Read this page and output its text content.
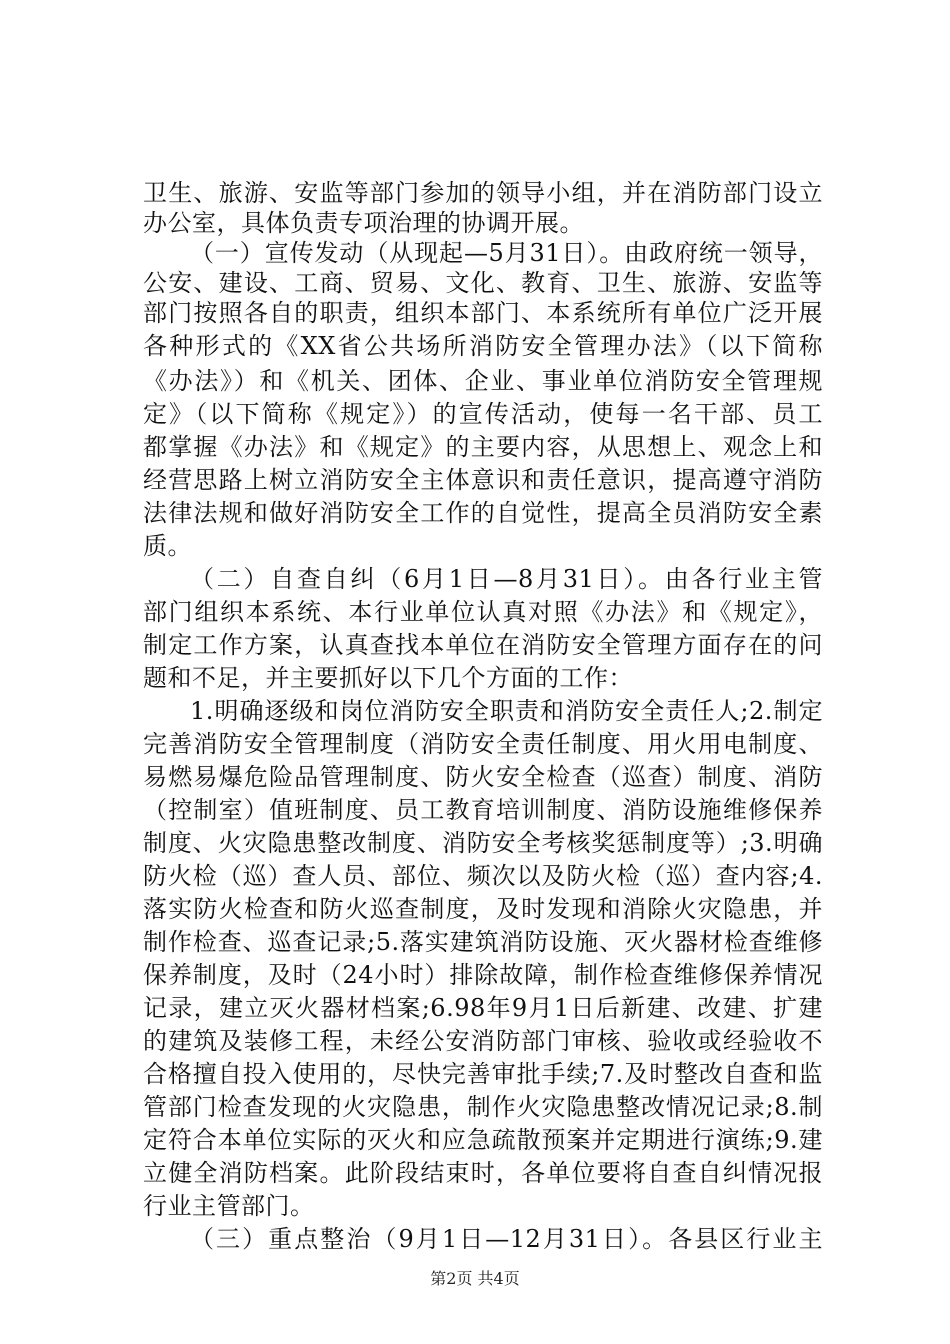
卫生、旅游、安监等部门参加的领导小组，并在消防部门设立
办公室，具体负责专项治理的协调开展。
（一）宣传发动（从现起—5月31日）。由政府统一领导，
公安、建设、工商、贸易、文化、教育、卫生、旅游、安监等
部门按照各自的职责，组织本部门、本系统所有单位广泛开展
各种形式的《XX省公共场所消防安全管理办法》（以下简称
《办法》）和《机关、团体、企业、事业单位消防安全管理规
定》（以下简称《规定》）的宣传活动，使每一名干部、员工
都掌握《办法》和《规定》的主要内容，从思想上、观念上和
经营思路上树立消防安全主体意识和责任意识，提高遵守消防
法律法规和做好消防安全工作的自觉性，提高全员消防安全素
质。
（二）自查自纠（6月1日—8月31日）。由各行业主管
部门组织本系统、本行业单位认真对照《办法》和《规定》，
制定工作方案，认真查找本单位在消防安全管理方面存在的问
题和不足，并主要抓好以下几个方面的工作：
1.明确逐级和岗位消防安全职责和消防安全责任人;2.制定
完善消防安全管理制度（消防安全责任制度、用火用电制度、
易燃易爆危险品管理制度、防火安全检查（巡查）制度、消防
（控制室）值班制度、员工教育培训制度、消防设施维修保养
制度、火灾隐患整改制度、消防安全考核奖惩制度等）;3.明确
防火检（巡）查人员、部位、频次以及防火检（巡）查内容;4.
落实防火检查和防火巡查制度，及时发现和消除火灾隐患，并
制作检查、巡查记录;5.落实建筑消防设施、灭火器材检查维修
保养制度，及时（24小时）排除故障，制作检查维修保养情况
记录，建立灭火器材档案;6.98年9月1日后新建、改建、扩建
的建筑及装修工程，未经公安消防部门审核、验收或经验收不
合格擅自投入使用的，尽快完善审批手续;7.及时整改自查和监
管部门检查发现的火灾隐患，制作火灾隐患整改情况记录;8.制
定符合本单位实际的灭火和应急疏散预案并定期进行演练;9.建
立健全消防档案。此阶段结束时，各单位要将自查自纠情况报
行业主管部门。
（三）重点整治（9月1日—12月31日）。各县区行业主
第2页 共4页
